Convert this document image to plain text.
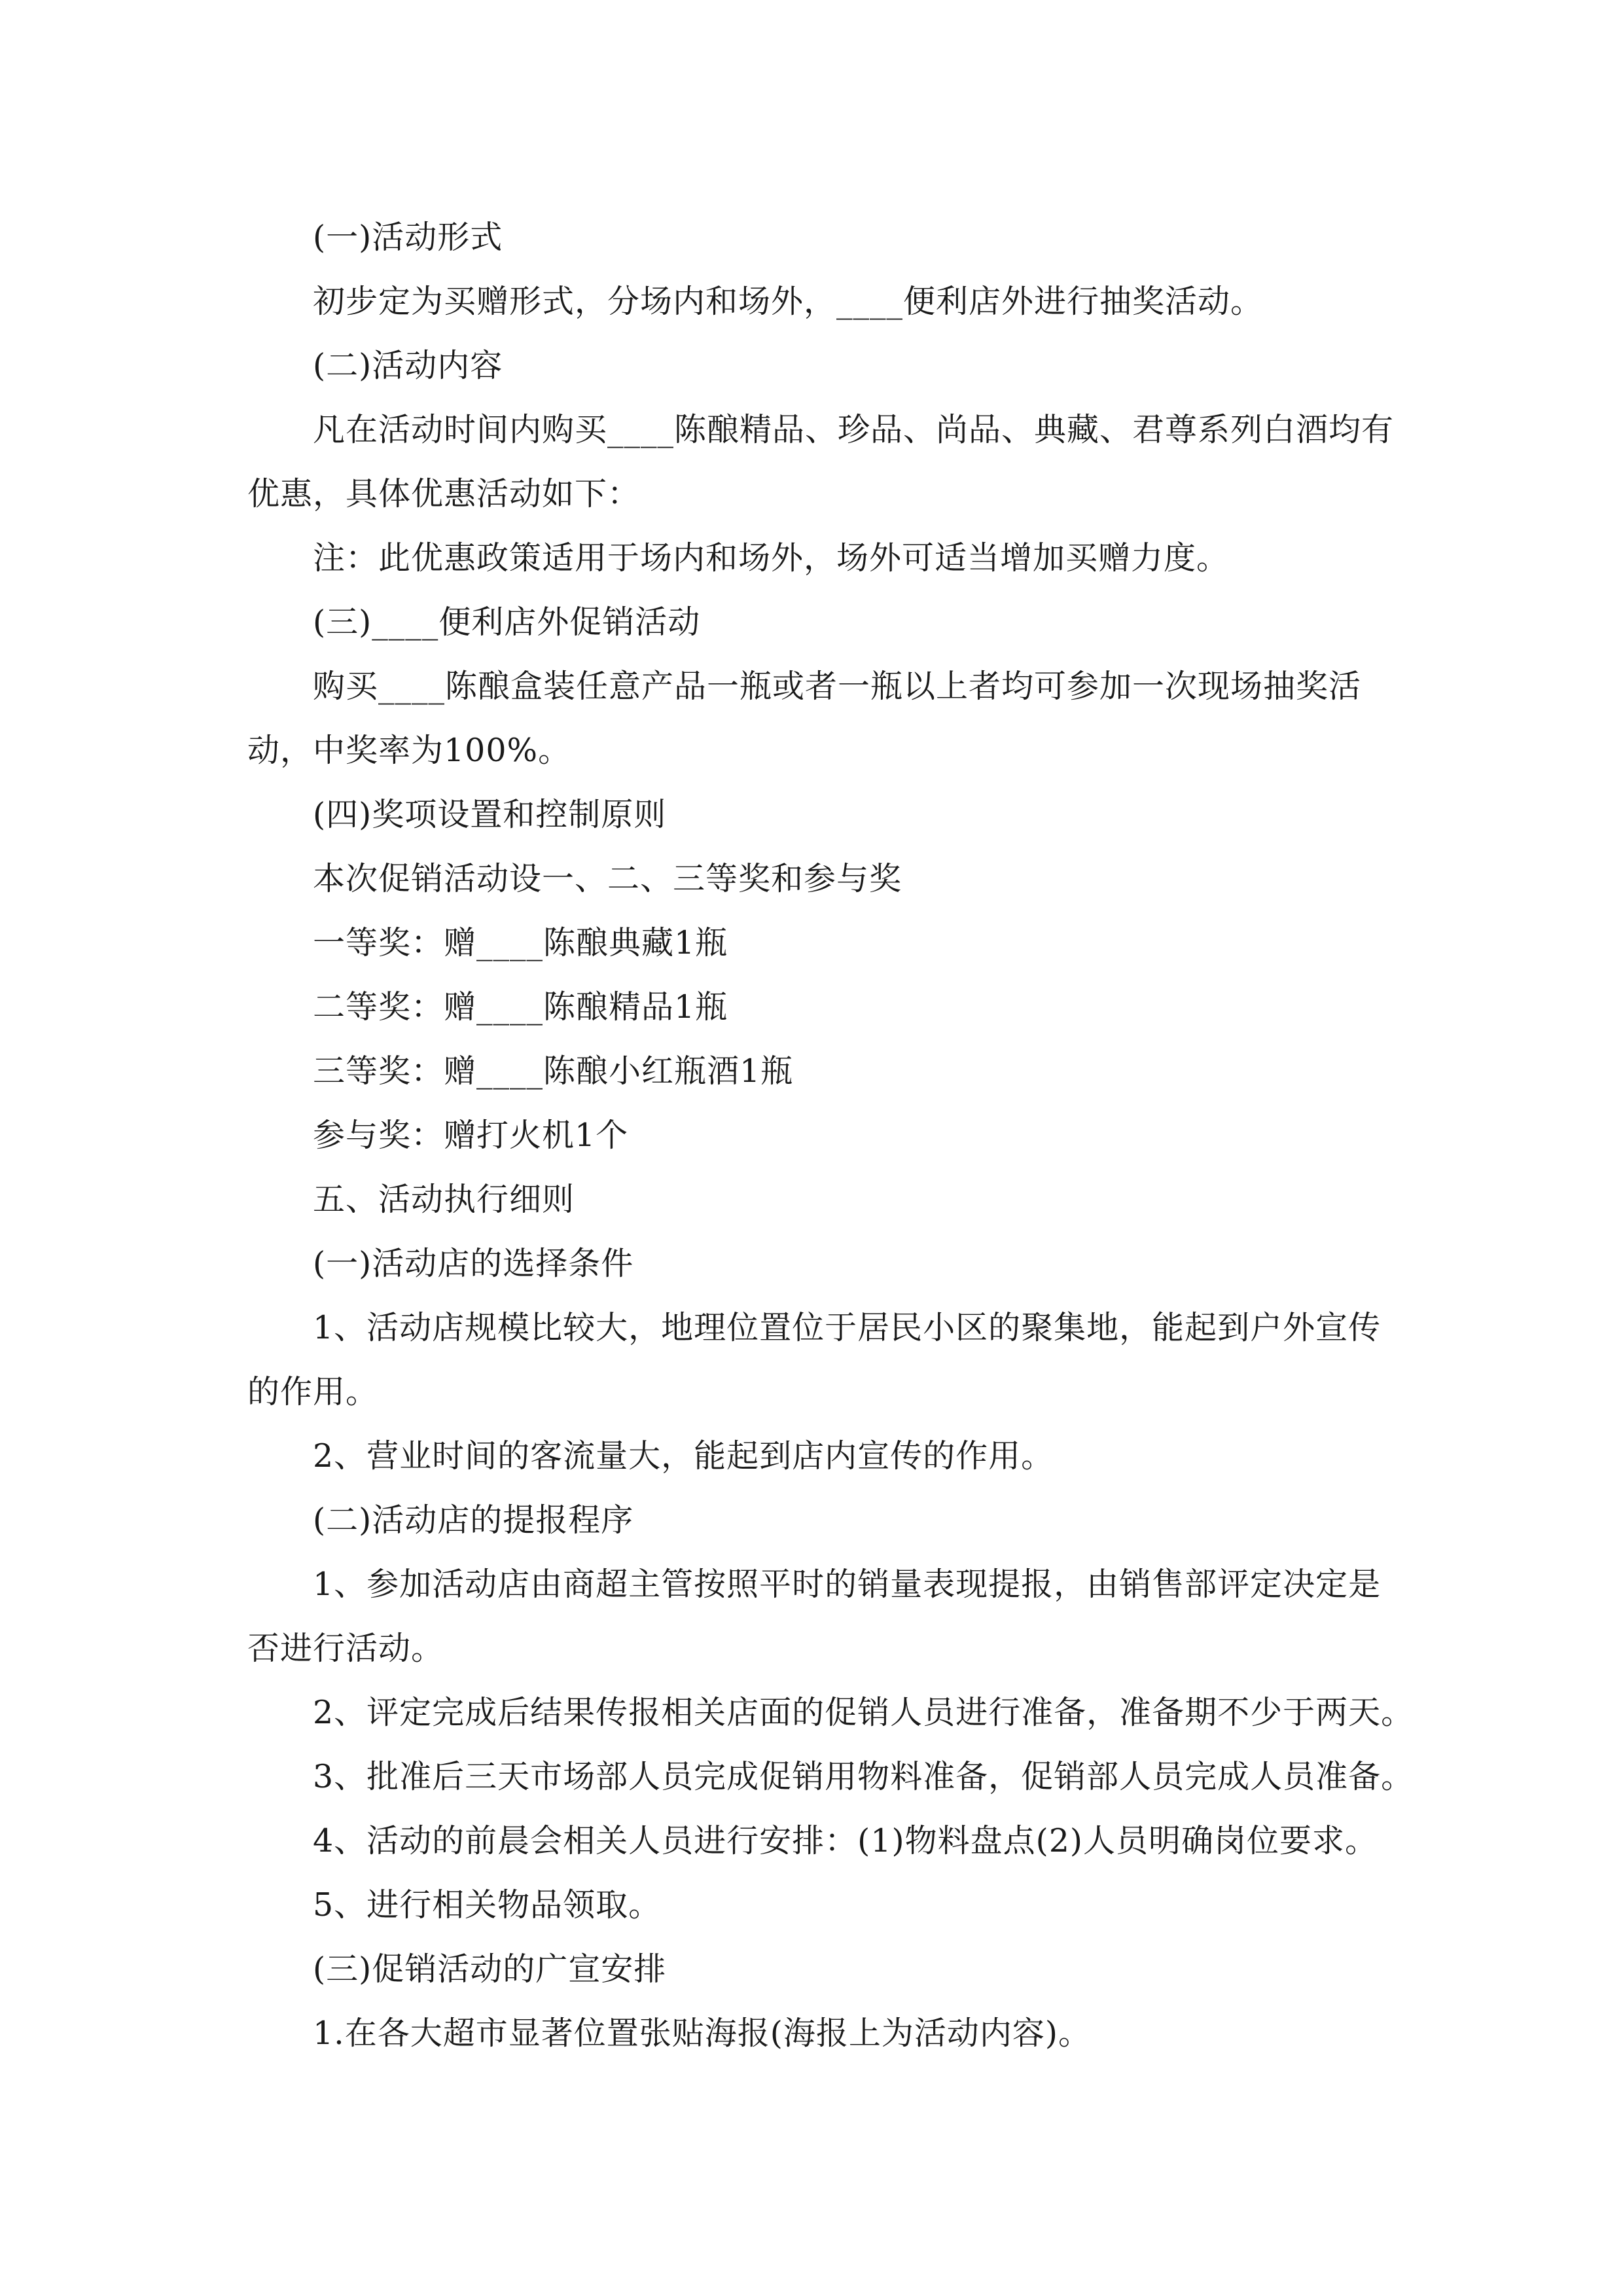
(一)活动形式

初步定为买赠形式，分场内和场外，____便利店外进行抽奖活动。

(二)活动内容

凡在活动时间内购买____陈酿精品、珍品、尚品、典藏、君尊系列白酒均有

优惠，具体优惠活动如下：

注：此优惠政策适用于场内和场外，场外可适当增加买赠力度。

(三)____便利店外促销活动

购买____陈酿盒装任意产品一瓶或者一瓶以上者均可参加一次现场抽奖活

动，中奖率为100%。

(四)奖项设置和控制原则

本次促销活动设一、二、三等奖和参与奖

一等奖：赠____陈酿典藏1瓶

二等奖：赠____陈酿精品1瓶

三等奖：赠____陈酿小红瓶酒1瓶

参与奖：赠打火机1个

五、活动执行细则

(一)活动店的选择条件

1、活动店规模比较大，地理位置位于居民小区的聚集地，能起到户外宣传

的作用。

2、营业时间的客流量大，能起到店内宣传的作用。

(二)活动店的提报程序

1、参加活动店由商超主管按照平时的销量表现提报，由销售部评定决定是

否进行活动。

2、评定完成后结果传报相关店面的促销人员进行准备，准备期不少于两天。

3、批准后三天市场部人员完成促销用物料准备，促销部人员完成人员准备。

4、活动的前晨会相关人员进行安排：(1)物料盘点(2)人员明确岗位要求。

5、进行相关物品领取。

(三)促销活动的广宣安排

1.在各大超市显著位置张贴海报(海报上为活动内容)。
